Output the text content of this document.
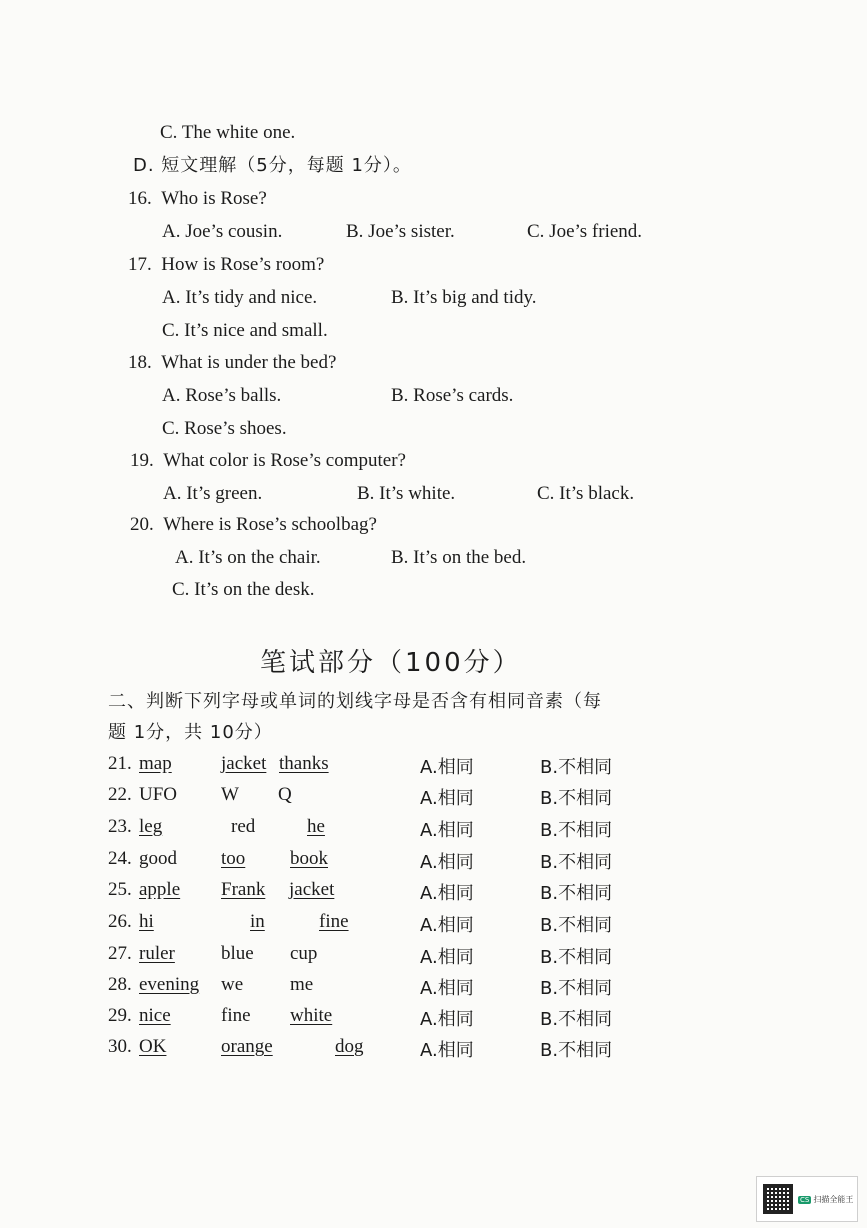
C. The white one.
D. 短文理解（5分，每题 1分）。
16. Who is Rose?
A. Joe’s cousin.	B. Joe’s sister.	C. Joe’s friend.
17. How is Rose’s room?
A. It’s tidy and nice.	B. It’s big and tidy.
C. It’s nice and small.
18. What is under the bed?
A. Rose’s balls.	B. Rose’s cards.
C. Rose’s shoes.
19. What color is Rose’s computer?
A. It’s green.	B. It’s white.	C. It’s black.
20. Where is Rose’s schoolbag?
A. It’s on the chair.	B. It’s on the bed.
C. It’s on the desk.
笔试部分（100分）
二、判断下列字母或单词的划线字母是否含有相同音素（每
题 1分，共 10分）
21. map	jacket thanks	A.相同	B.不相同
22. UFO W Q	A.相同	B.不相同
23. leg	red	he	A.相同	B.不相同
24. good too book	A.相同	B.不相同
25. apple Frank jacket	A.相同	B.不相同
26. hi	in	fine	A.相同	B.不相同
27. ruler blue cup	A.相同	B.不相同
28. evening we me	A.相同	B.不相同
29. nice	fine white	A.相同	B.不相同
30. OK	orange	dog	A.相同	B.不相同
CS 扫描全能王
